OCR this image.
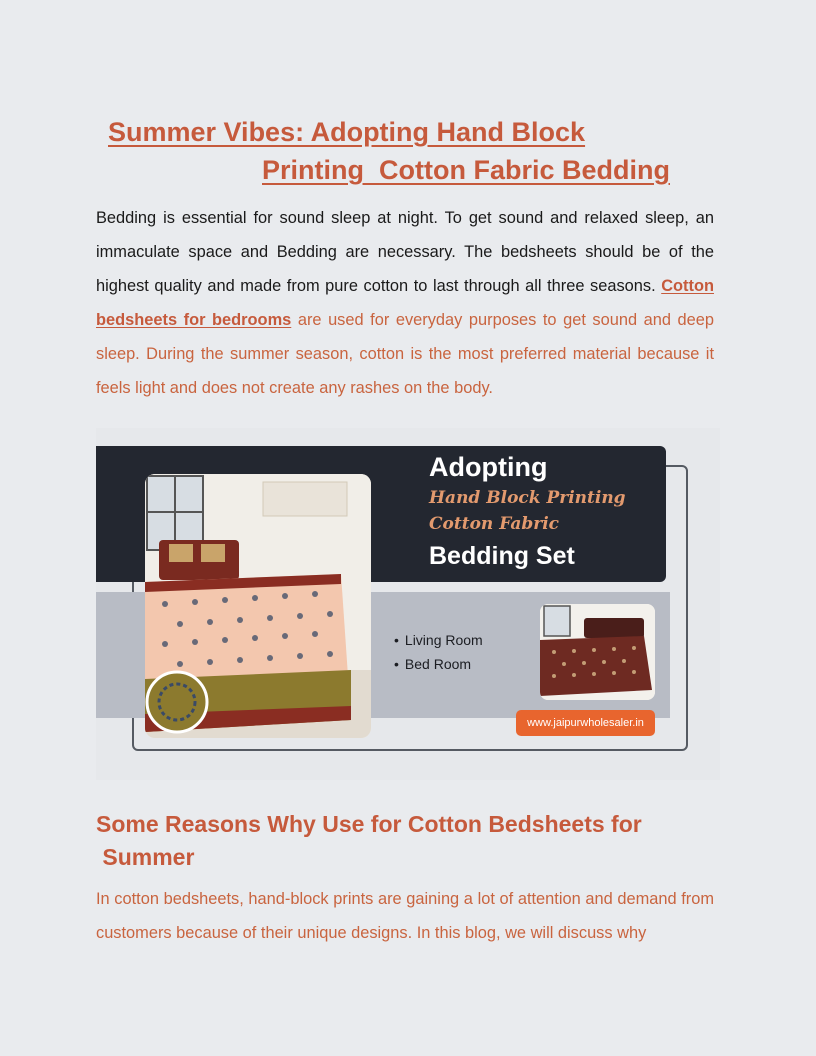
Summer Vibes: Adopting Hand Block
Printing Cotton Fabric Bedding

Bedding is essential for sound sleep at night. To get sound and relaxed sleep, an immaculate space and Bedding are necessary. The bedsheets should be of the highest quality and made from pure cotton to last through all three seasons. Cotton bedsheets for bedrooms are used for everyday purposes to get sound and deep sleep. During the summer season, cotton is the most preferred material because it feels light and does not create any rashes on the body.

Adopting

Hand Block Printing

Cotton Fabric

Bedding Set
• Living Room
• Bed Room
www.jaipurwholesaler.in
Some Reasons Why Use for Cotton Bedsheets for
Summer

In cotton bedsheets, hand-block prints are gaining a lot of attention and demand from customers because of their unique designs. In this blog, we will discuss why
